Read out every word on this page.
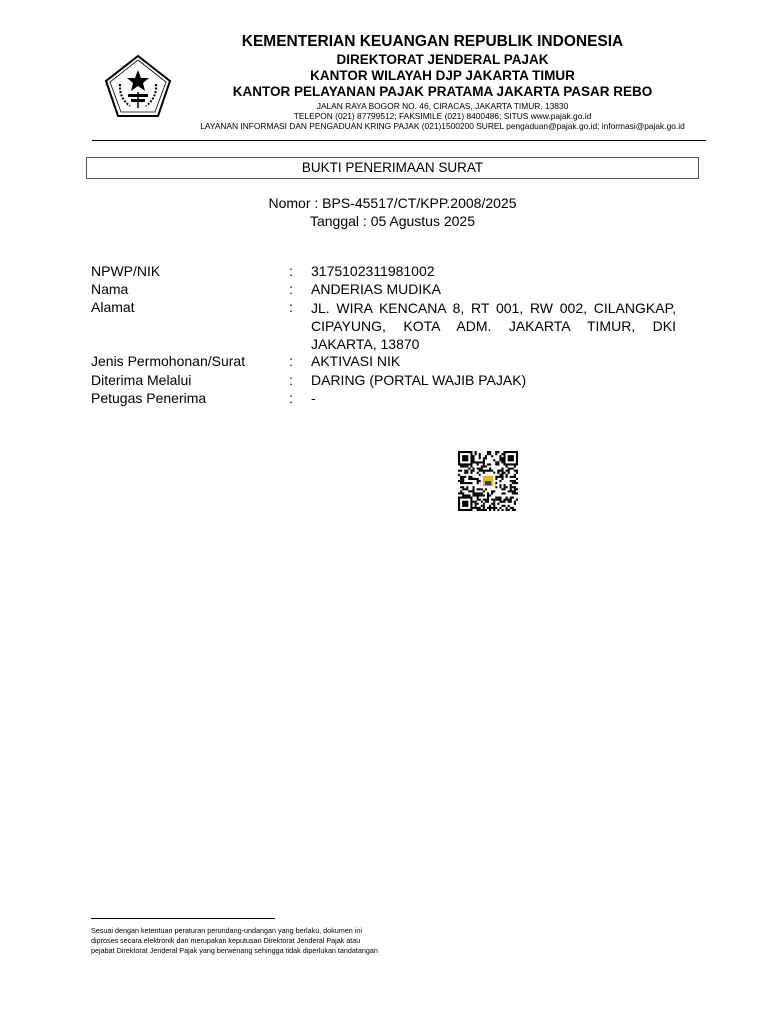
KEMENTERIAN KEUANGAN REPUBLIK INDONESIA
DIREKTORAT JENDERAL PAJAK
KANTOR WILAYAH DJP JAKARTA TIMUR
KANTOR PELAYANAN PAJAK PRATAMA JAKARTA PASAR REBO
JALAN RAYA BOGOR NO. 46, CIRACAS, JAKARTA TIMUR, 13830
TELEPON (021) 87799512; FAKSIMILE (021) 8400486; SITUS www.pajak.go.id
LAYANAN INFORMASI DAN PENGADUAN KRING PAJAK (021)1500200 SUREL pengaduan@pajak.go.id; informasi@pajak.go.id
BUKTI PENERIMAAN SURAT
Nomor : BPS-45517/CT/KPP.2008/2025
Tanggal : 05 Agustus 2025
NPWP/NIK	: 3175102311981002
Nama	: ANDERIAS MUDIKA
Alamat	: JL. WIRA KENCANA 8, RT 001, RW 002, CILANGKAP, CIPAYUNG, KOTA ADM. JAKARTA TIMUR, DKI JAKARTA, 13870
Jenis Permohonan/Surat	: AKTIVASI NIK
Diterima Melalui	: DARING (PORTAL WAJIB PAJAK)
Petugas Penerima	: -
Sesuai dengan ketentuan peraturan perundang-undangan yang berlaku, dokumen ini
diproses secara elektronik dan merupakan keputusan Direktorat Jenderal Pajak atau
pejabat Direktorat Jenderal Pajak yang berwenang sehingga tidak diperlukan tandatangan
